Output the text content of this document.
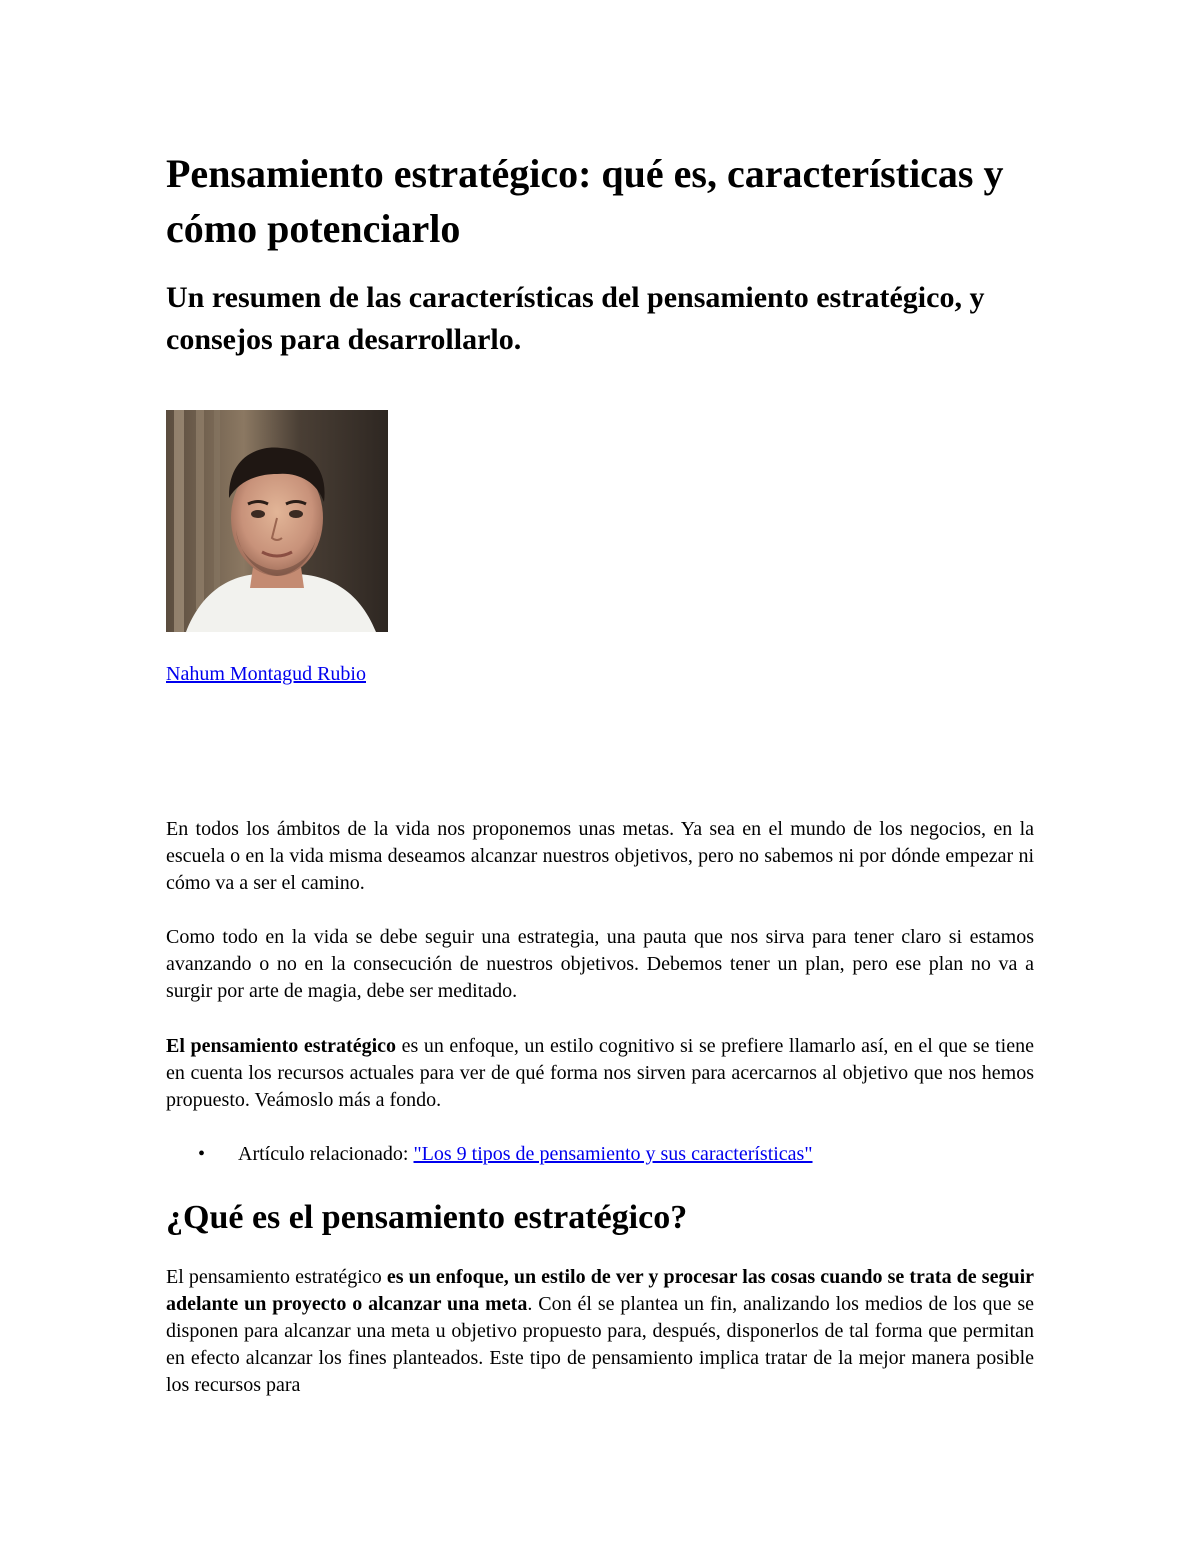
Pensamiento estratégico: qué es, características y cómo potenciarlo
Un resumen de las características del pensamiento estratégico, y consejos para desarrollarlo.
Nahum Montagud Rubio

En todos los ámbitos de la vida nos proponemos unas metas. Ya sea en el mundo de los negocios, en la escuela o en la vida misma deseamos alcanzar nuestros objetivos, pero no sabemos ni por dónde empezar ni cómo va a ser el camino.

Como todo en la vida se debe seguir una estrategia, una pauta que nos sirva para tener claro si estamos avanzando o no en la consecución de nuestros objetivos. Debemos tener un plan, pero ese plan no va a surgir por arte de magia, debe ser meditado.

El pensamiento estratégico es un enfoque, un estilo cognitivo si se prefiere llamarlo así, en el que se tiene en cuenta los recursos actuales para ver de qué forma nos sirven para acercarnos al objetivo que nos hemos propuesto. Veámoslo más a fondo.

• Artículo relacionado: "Los 9 tipos de pensamiento y sus características"
¿Qué es el pensamiento estratégico?

El pensamiento estratégico es un enfoque, un estilo de ver y procesar las cosas cuando se trata de seguir adelante un proyecto o alcanzar una meta. Con él se plantea un fin, analizando los medios de los que se disponen para alcanzar una meta u objetivo propuesto para, después, disponerlos de tal forma que permitan en efecto alcanzar los fines planteados. Este tipo de pensamiento implica tratar de la mejor manera posible los recursos para
